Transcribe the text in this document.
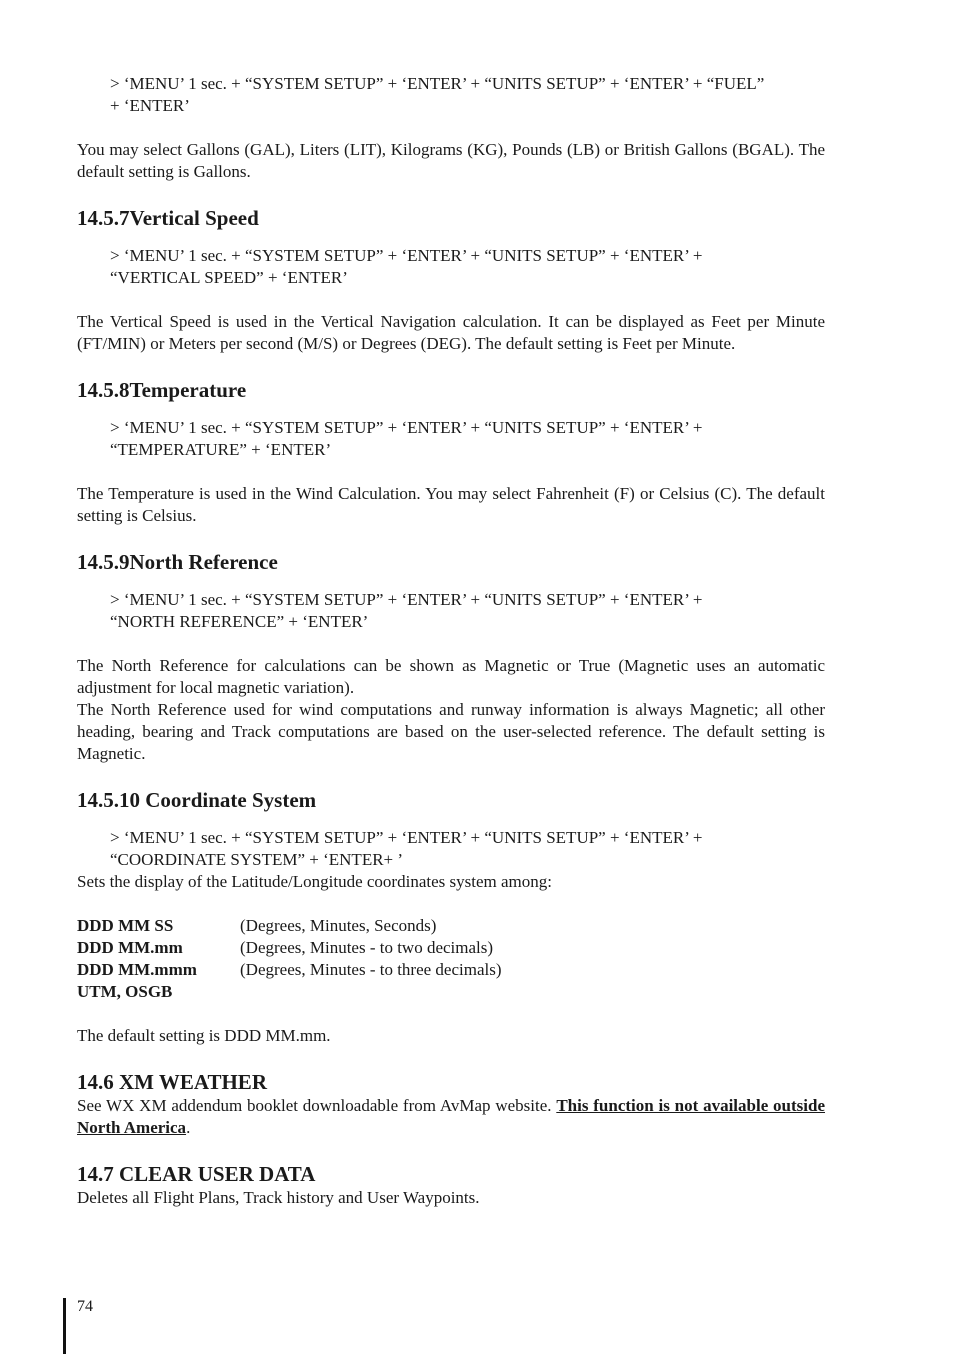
> ‘MENU’ 1 sec. + “SYSTEM SETUP” + ‘ENTER’ + “UNITS SETUP” + ‘ENTER’ + “FUEL”
+ ‘ENTER’

You may select Gallons (GAL), Liters (LIT), Kilograms (KG), Pounds (LB) or British Gallons (BGAL). The default setting is Gallons.

14.5.7Vertical Speed

> ‘MENU’ 1 sec. + “SYSTEM SETUP” + ‘ENTER’ + “UNITS SETUP” + ‘ENTER’ +
“VERTICAL SPEED” + ‘ENTER’

The Vertical Speed is used in the Vertical Navigation calculation. It can be displayed as Feet per Minute (FT/MIN) or Meters per second (M/S) or Degrees (DEG). The default setting is Feet per Minute.

14.5.8Temperature

> ‘MENU’ 1 sec. + “SYSTEM SETUP” + ‘ENTER’ + “UNITS SETUP” + ‘ENTER’ +
“TEMPERATURE” + ‘ENTER’

The Temperature is used in the Wind Calculation. You may select Fahrenheit (F) or Celsius (C). The default setting is Celsius.

14.5.9North Reference

> ‘MENU’ 1 sec. + “SYSTEM SETUP” + ‘ENTER’ + “UNITS SETUP” + ‘ENTER’ +
“NORTH REFERENCE” + ‘ENTER’

The North Reference for calculations can be shown as Magnetic or True (Magnetic uses an automatic adjustment for local magnetic variation).

The North Reference used for wind computations and runway information is always Magnetic; all other heading, bearing and Track computations are based on the user-selected reference. The default setting is Magnetic.

14.5.10 Coordinate System

> ‘MENU’ 1 sec. + “SYSTEM SETUP” + ‘ENTER’ + “UNITS SETUP” + ‘ENTER’ +
“COORDINATE SYSTEM” + ‘ENTER+ ’

Sets the display of the Latitude/Longitude coordinates system among:

DDD MM SS	(Degrees, Minutes, Seconds)
DDD MM.mm	(Degrees, Minutes - to two decimals)
DDD MM.mmm	(Degrees, Minutes - to three decimals)
UTM, OSGB

The default setting is DDD MM.mm.

14.6 XM WEATHER

See WX XM addendum booklet downloadable from AvMap website. This function is not available outside North America.

14.7 CLEAR USER DATA

Deletes all Flight Plans, Track history and User Waypoints.

74
